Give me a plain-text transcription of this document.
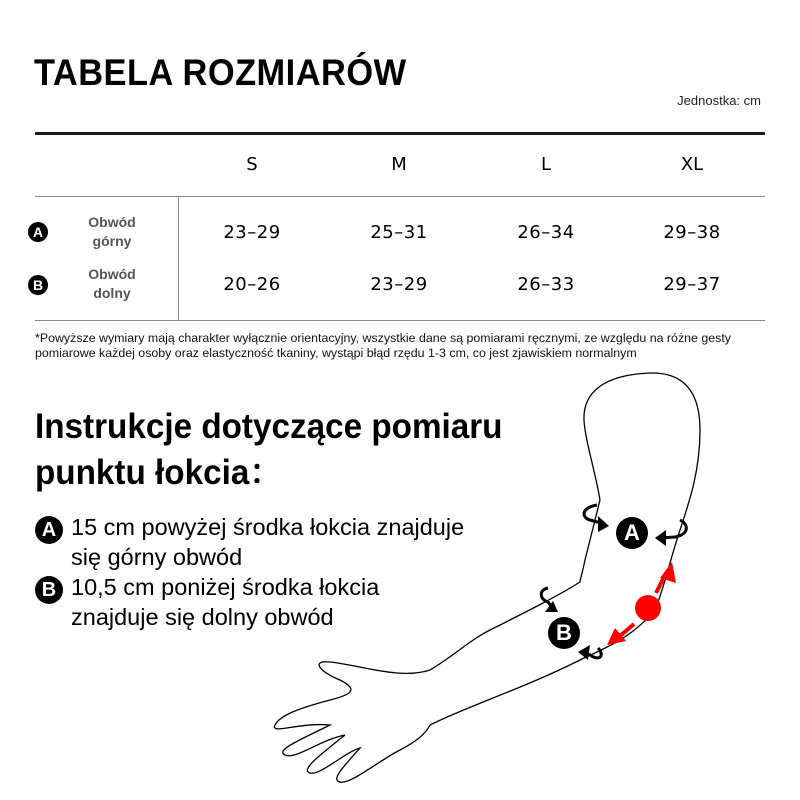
TABELA ROZMIARÓW
Jednostka: cm
S	M	L	XL
A
Obwód
górny	23–29	25–31	26–34	29–38
B
Obwód
dolny	20–26	23–29	26–33	29–37
*Powyższe wymiary mają charakter wyłącznie orientacyjny, wszystkie dane są pomiarami ręcznymi, ze względu na różne gesty pomiarowe każdej osoby oraz elastyczność tkaniny, wystąpi błąd rzędu 1-3 cm, co jest zjawiskiem normalnym
A
B
Instrukcje dotyczące pomiaru
punktu łokcia：
A 15 cm powyżej środka łokcia znajduje
się górny obwód
B 10,5 cm poniżej środka łokcia
znajduje się dolny obwód
